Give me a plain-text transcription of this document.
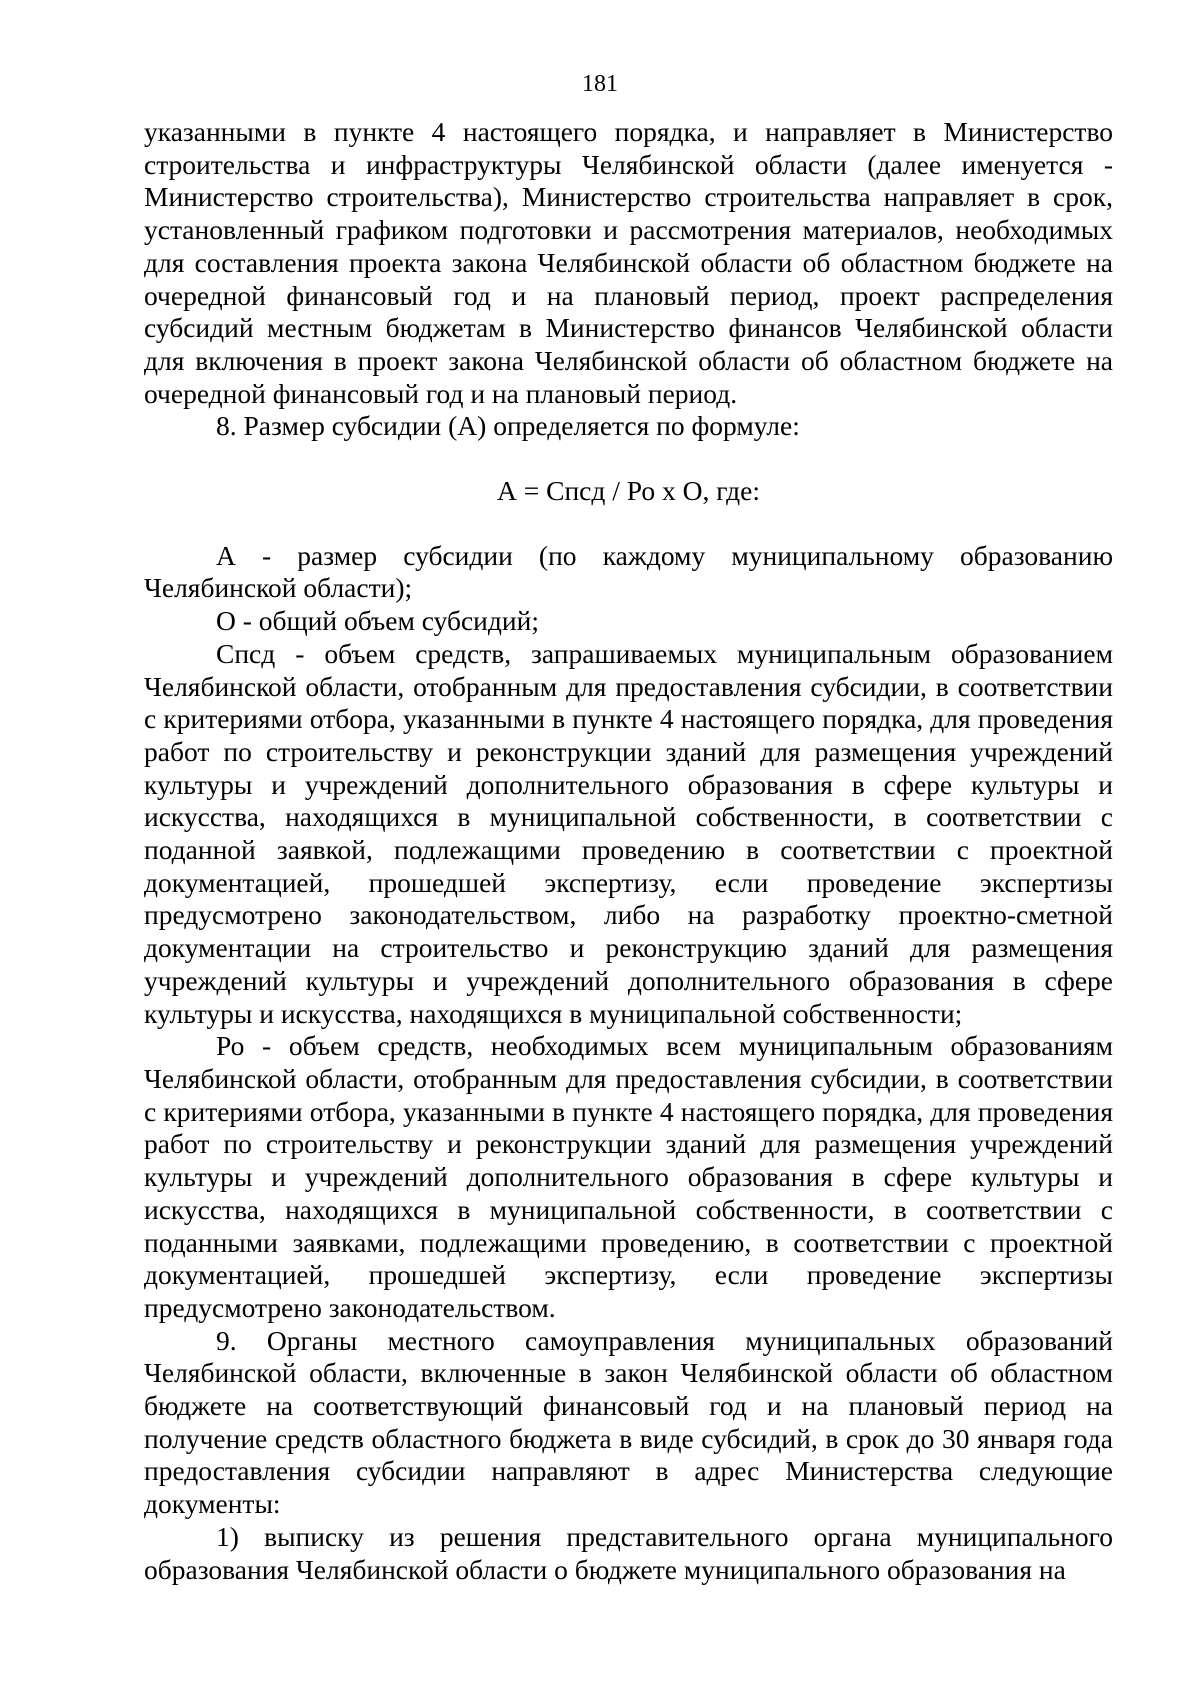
181

указанными в пункте 4 настоящего порядка, и направляет в Министерство строительства и инфраструктуры Челябинской области (далее именуется - Министерство строительства), Министерство строительства направляет в срок, установленный графиком подготовки и рассмотрения материалов, необходимых для составления проекта закона Челябинской области об областном бюджете на очередной финансовый год и на плановый период, проект распределения субсидий местным бюджетам в Министерство финансов Челябинской области для включения в проект закона Челябинской области об областном бюджете на очередной финансовый год и на плановый период.

8. Размер субсидии (А) определяется по формуле:

А = Спсд / Ро х О, где:

А - размер субсидии (по каждому муниципальному образованию Челябинской области);

О - общий объем субсидий;

Спсд - объем средств, запрашиваемых муниципальным образованием Челябинской области, отобранным для предоставления субсидии, в соответствии с критериями отбора, указанными в пункте 4 настоящего порядка, для проведения работ по строительству и реконструкции зданий для размещения учреждений культуры и учреждений дополнительного образования в сфере культуры и искусства, находящихся в муниципальной собственности, в соответствии с поданной заявкой, подлежащими проведению в соответствии с проектной документацией, прошедшей экспертизу, если проведение экспертизы предусмотрено законодательством, либо на разработку проектно-сметной документации на строительство и реконструкцию зданий для размещения учреждений культуры и учреждений дополнительного образования в сфере культуры и искусства, находящихся в муниципальной собственности;

Ро - объем средств, необходимых всем муниципальным образованиям Челябинской области, отобранным для предоставления субсидии, в соответствии с критериями отбора, указанными в пункте 4 настоящего порядка, для проведения работ по строительству и реконструкции зданий для размещения учреждений культуры и учреждений дополнительного образования в сфере культуры и искусства, находящихся в муниципальной собственности, в соответствии с поданными заявками, подлежащими проведению, в соответствии с проектной документацией, прошедшей экспертизу, если проведение экспертизы предусмотрено законодательством.

9. Органы местного самоуправления муниципальных образований Челябинской области, включенные в закон Челябинской области об областном бюджете на соответствующий финансовый год и на плановый период на получение средств областного бюджета в виде субсидий, в срок до 30 января года предоставления субсидии направляют в адрес Министерства следующие документы:

1) выписку из решения представительного органа муниципального образования Челябинской области о бюджете муниципального образования на
